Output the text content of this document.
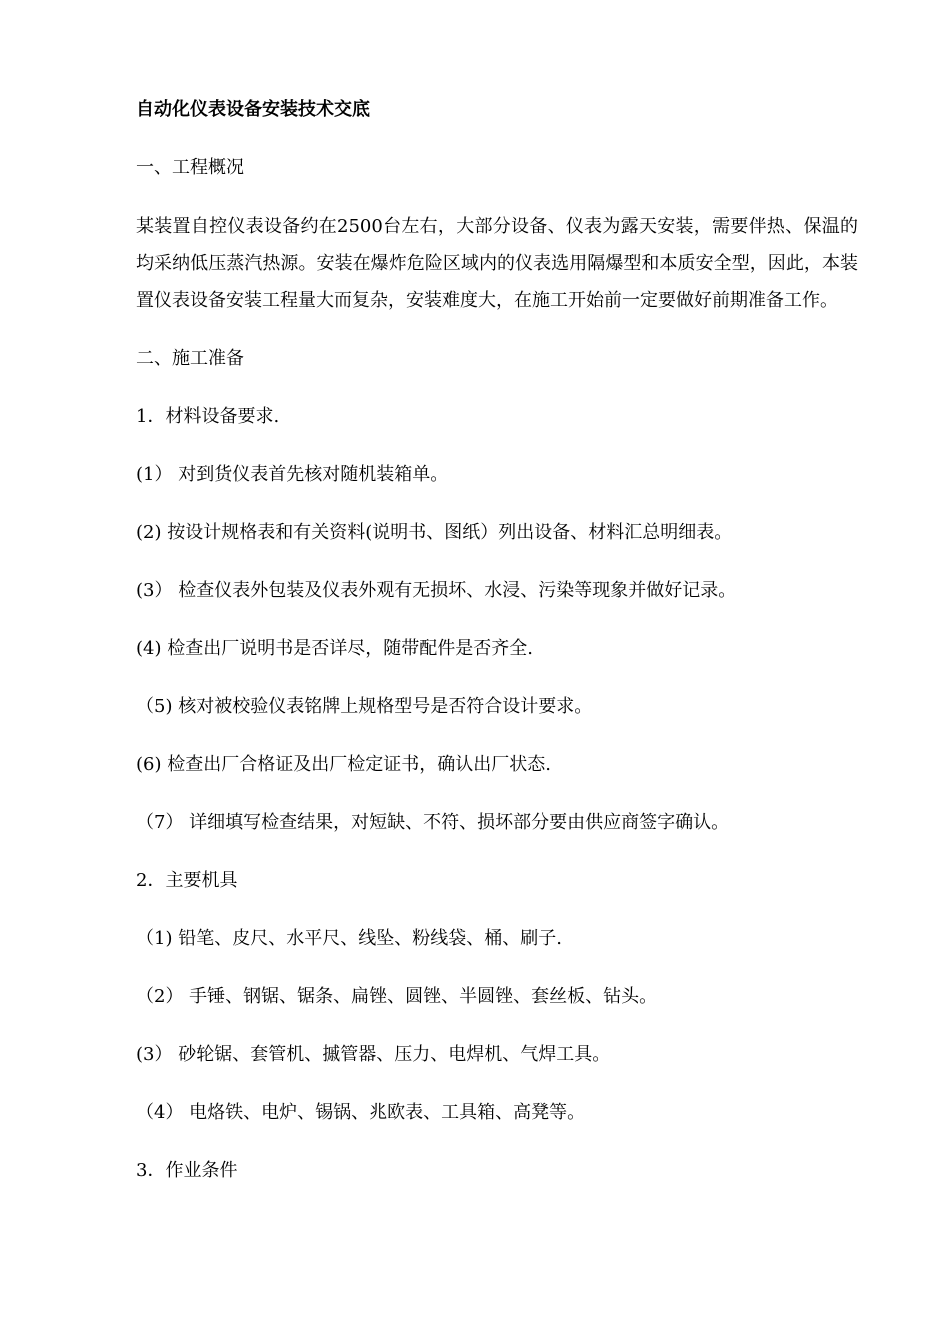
自动化仪表设备安装技术交底
一、工程概况
某装置自控仪表设备约在2500台左右，大部分设备、仪表为露天安装，需要伴热、保温的均采纳低压蒸汽热源。安装在爆炸危险区域内的仪表选用隔爆型和本质安全型，因此，本装置仪表设备安装工程量大而复杂，安装难度大，在施工开始前一定要做好前期准备工作。
二、施工准备
1．材料设备要求.
(1） 对到货仪表首先核对随机装箱单。
(2) 按设计规格表和有关资料(说明书、图纸）列出设备、材料汇总明细表。
(3） 检查仪表外包装及仪表外观有无损坏、水浸、污染等现象并做好记录。
(4) 检查出厂说明书是否详尽，随带配件是否齐全.
（5) 核对被校验仪表铭牌上规格型号是否符合设计要求。
(6) 检查出厂合格证及出厂检定证书，确认出厂状态.
（7） 详细填写检查结果，对短缺、不符、损坏部分要由供应商签字确认。
2．主要机具
（1) 铅笔、皮尺、水平尺、线坠、粉线袋、桶、刷子.
（2） 手锤、钢锯、锯条、扁锉、圆锉、半圆锉、套丝板、钻头。
(3） 砂轮锯、套管机、摵管器、压力、电焊机、气焊工具。
（4） 电烙铁、电炉、锡锅、兆欧表、工具箱、高凳等。
3．作业条件
